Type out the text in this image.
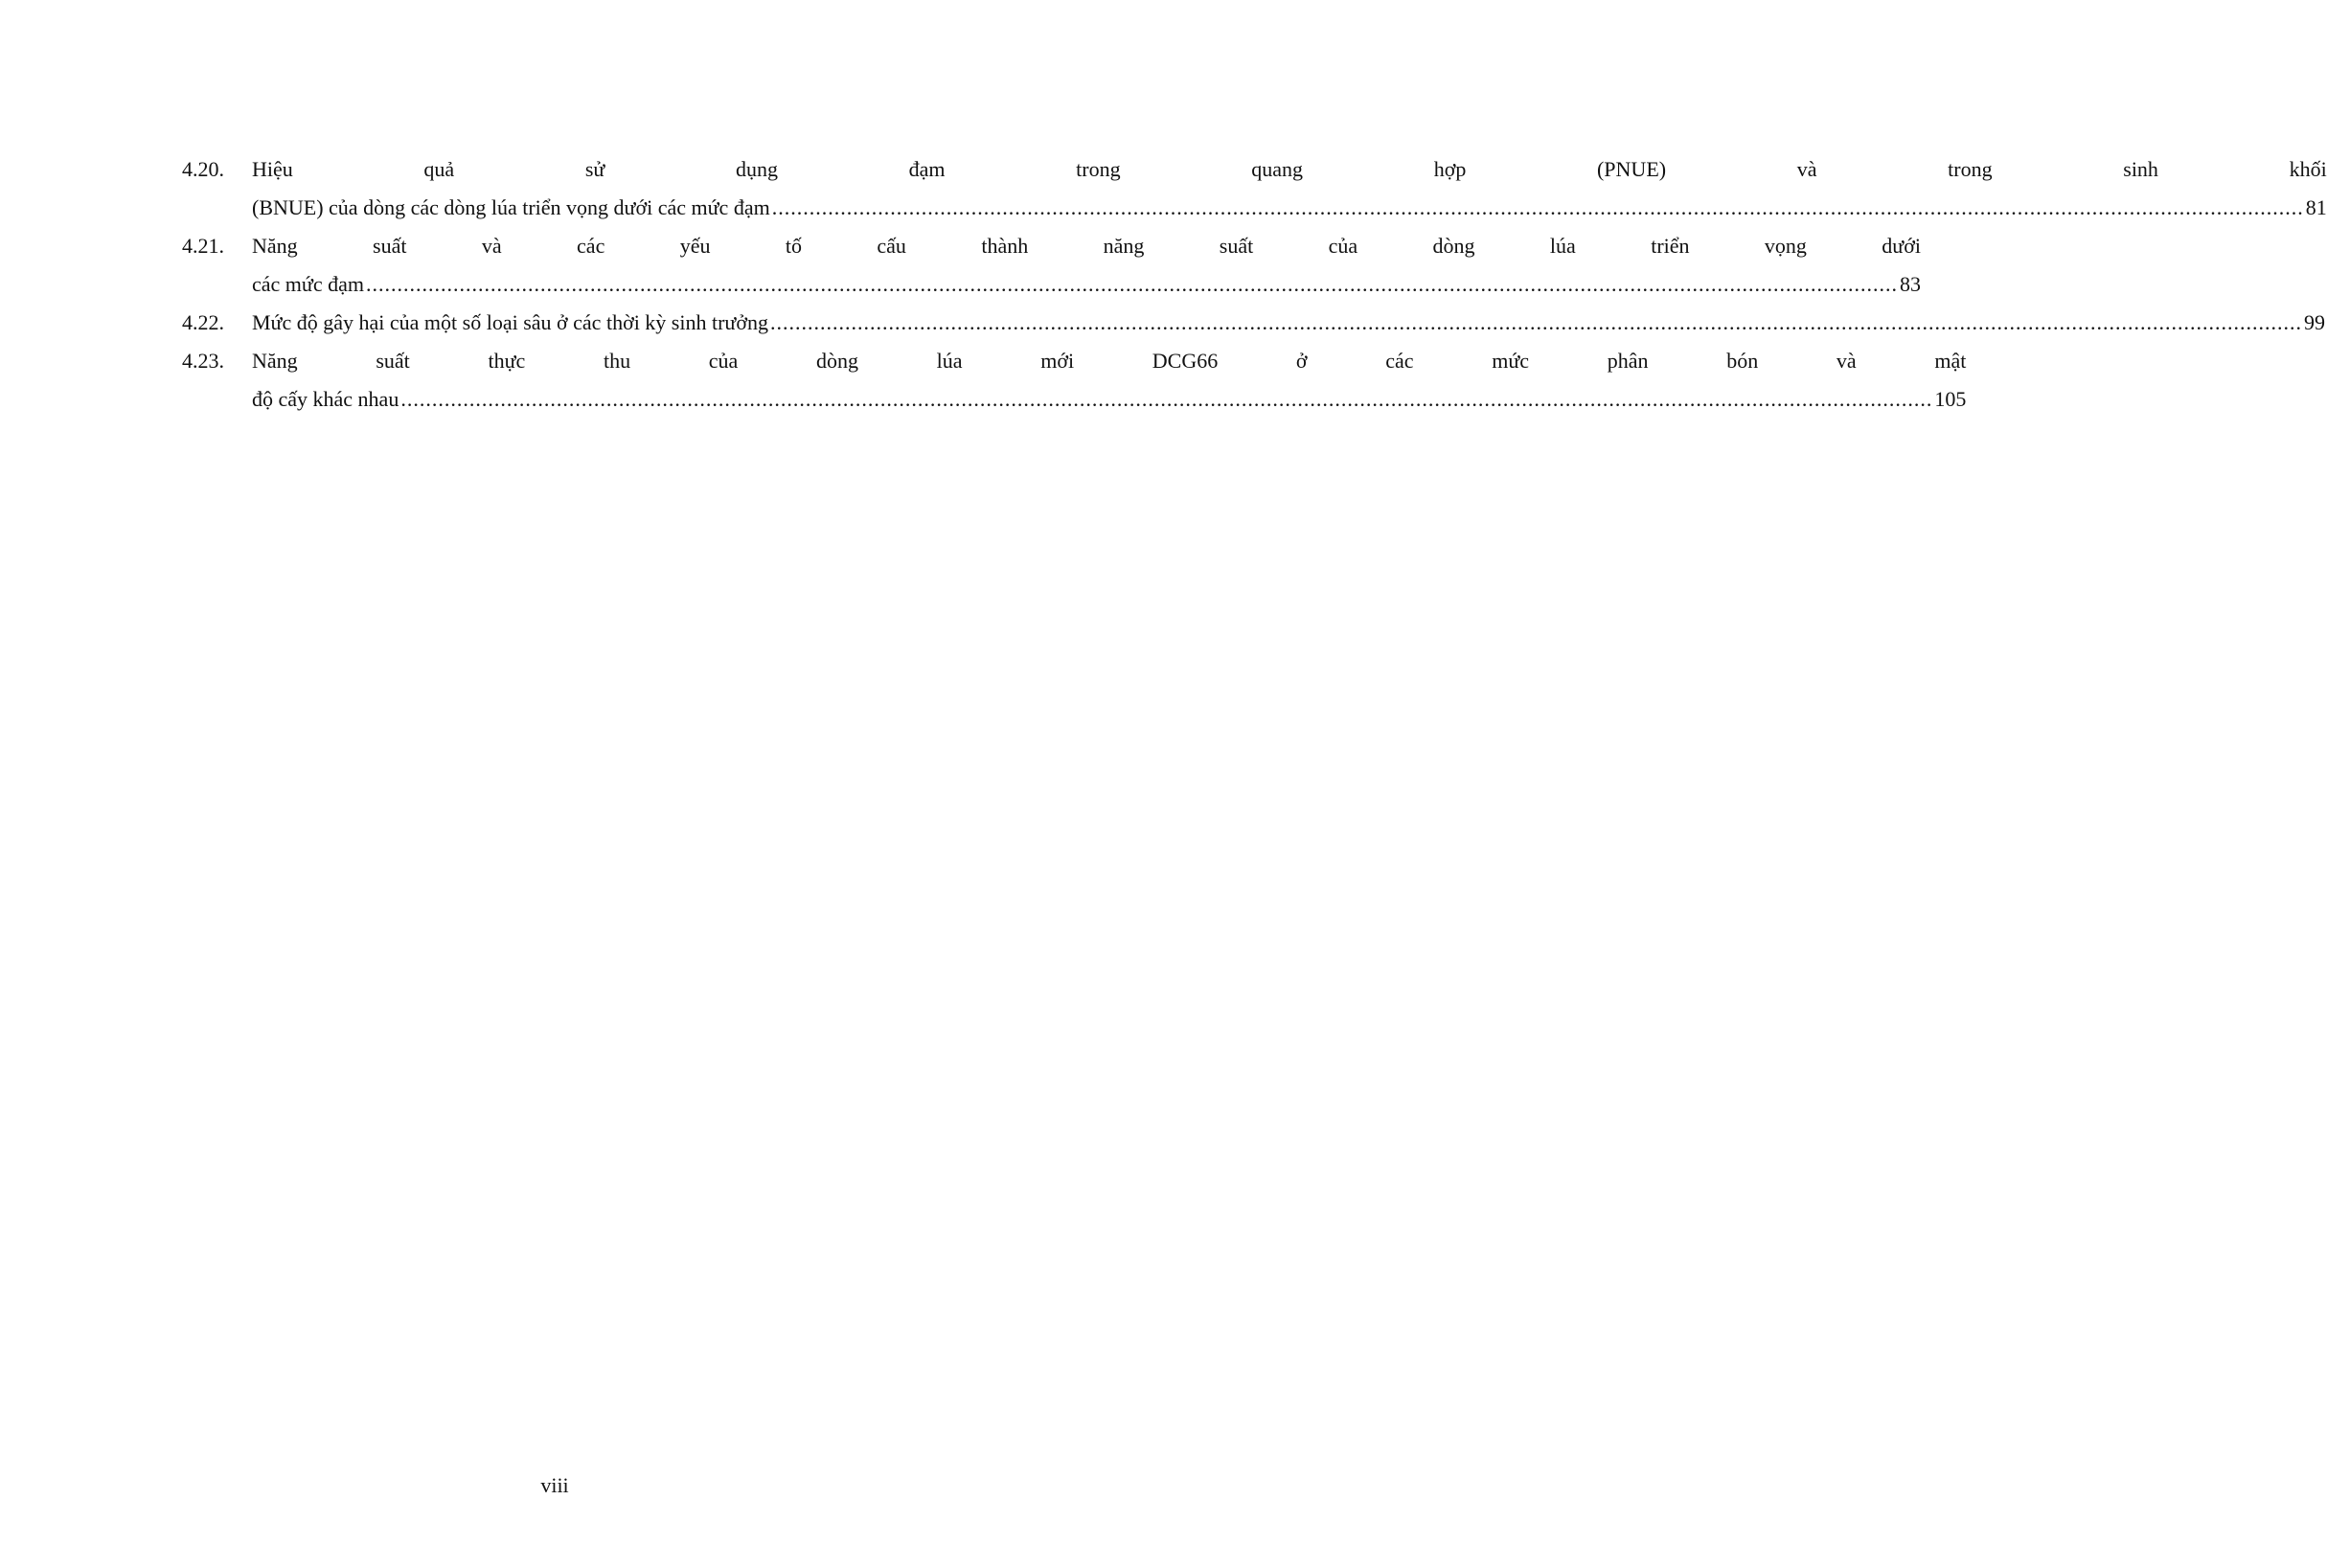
4.20.	Hiệu quả sử dụng đạm trong quang hợp (PNUE) và trong sinh khối
(BNUE) của dòng các dòng lúa triển vọng dưới các mức đạm .....	81
4.21.	Năng suất và các yếu tố cấu thành năng suất của dòng lúa triển vọng dưới
các mức đạm .....	83
4.22.	Mức độ gây hại của một số loại sâu ở các thời kỳ sinh trưởng .....	99
4.23.	Năng suất thực thu của dòng lúa mới DCG66 ở các mức phân bón và mật
độ cấy khác nhau .....	105
viii
